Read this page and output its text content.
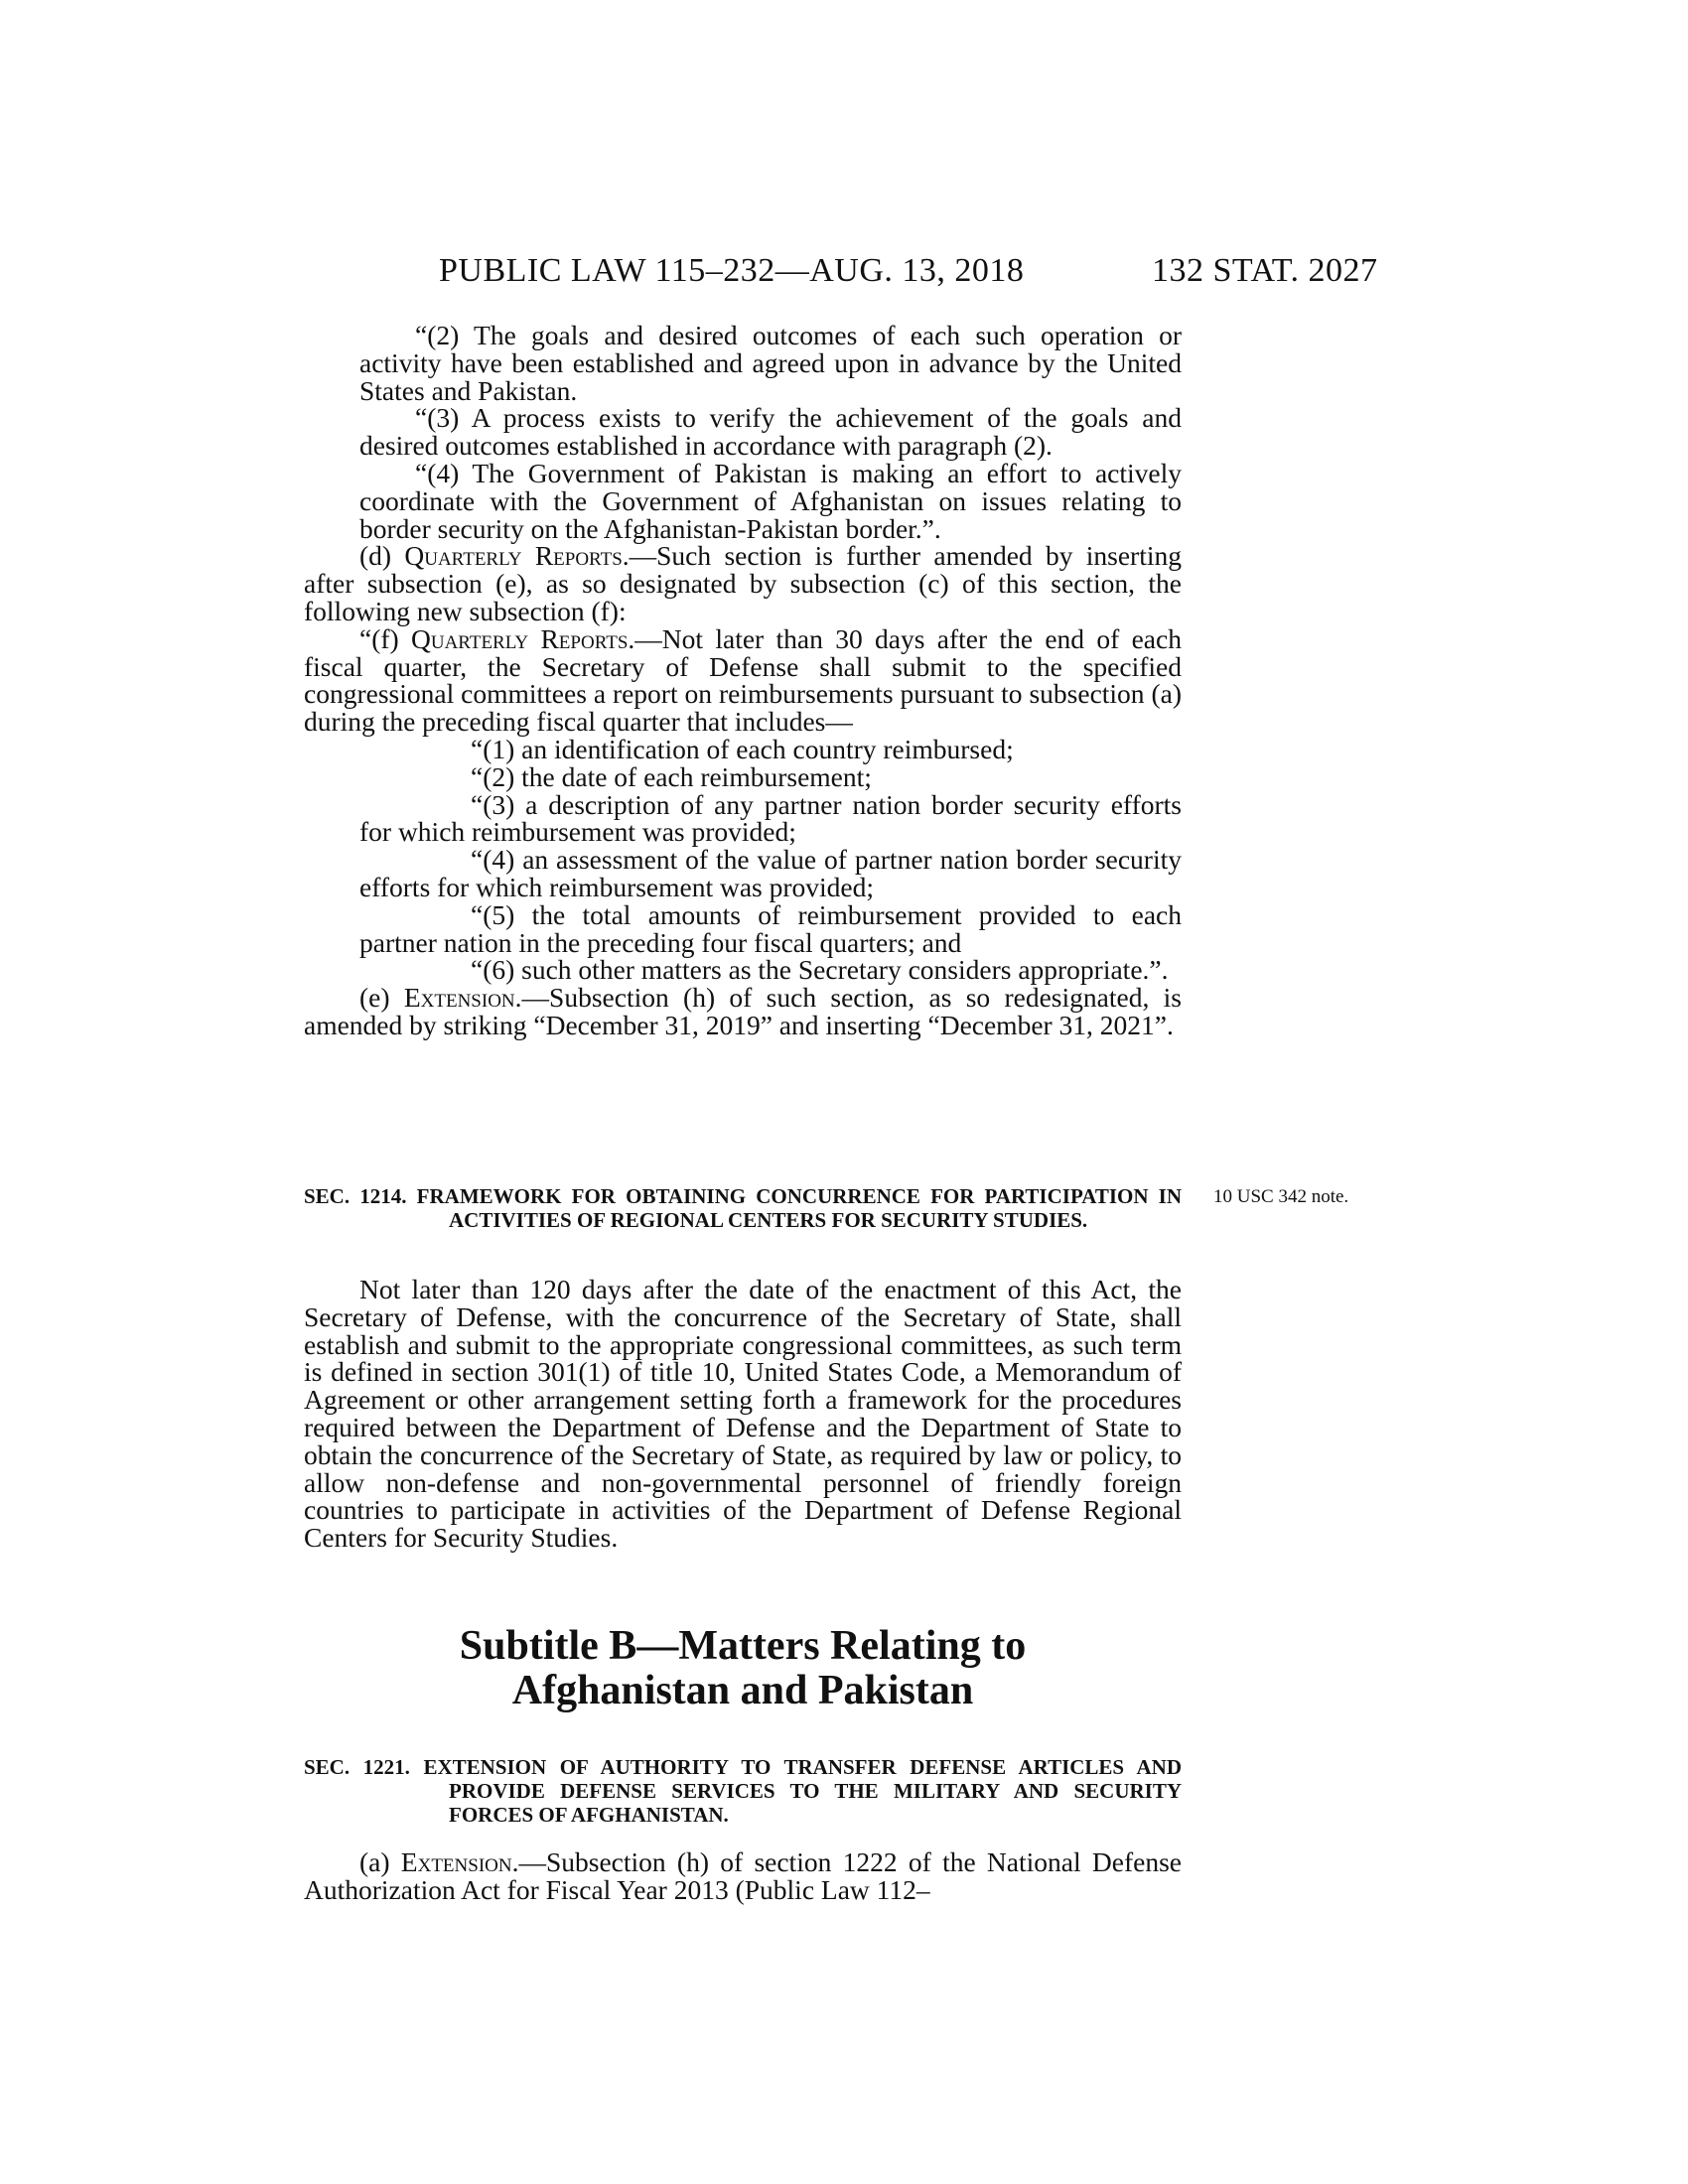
PUBLIC LAW 115–232—AUG. 13, 2018	132 STAT. 2027

“(2) The goals and desired outcomes of each such operation or activity have been established and agreed upon in advance by the United States and Pakistan.

“(3) A process exists to verify the achievement of the goals and desired outcomes established in accordance with paragraph (2).

“(4) The Government of Pakistan is making an effort to actively coordinate with the Government of Afghanistan on issues relating to border security on the Afghanistan-Pakistan border.”.

(d) Quarterly Reports.—Such section is further amended by inserting after subsection (e), as so designated by subsection (c) of this section, the following new subsection (f):

“(f) Quarterly Reports.—Not later than 30 days after the end of each fiscal quarter, the Secretary of Defense shall submit to the specified congressional committees a report on reimbursements pursuant to subsection (a) during the preceding fiscal quarter that includes—

“(1) an identification of each country reimbursed;

“(2) the date of each reimbursement;

“(3) a description of any partner nation border security efforts for which reimbursement was provided;

“(4) an assessment of the value of partner nation border security efforts for which reimbursement was provided;

“(5) the total amounts of reimbursement provided to each partner nation in the preceding four fiscal quarters; and

“(6) such other matters as the Secretary considers appropriate.”.

(e) Extension.—Subsection (h) of such section, as so redesignated, is amended by striking “December 31, 2019” and inserting “December 31, 2021”.

SEC. 1214. FRAMEWORK FOR OBTAINING CONCURRENCE FOR PARTICIPATION IN ACTIVITIES OF REGIONAL CENTERS FOR SECURITY STUDIES.
10 USC 342 note.

Not later than 120 days after the date of the enactment of this Act, the Secretary of Defense, with the concurrence of the Secretary of State, shall establish and submit to the appropriate congressional committees, as such term is defined in section 301(1) of title 10, United States Code, a Memorandum of Agreement or other arrangement setting forth a framework for the procedures required between the Department of Defense and the Department of State to obtain the concurrence of the Secretary of State, as required by law or policy, to allow non-defense and non-governmental personnel of friendly foreign countries to participate in activities of the Department of Defense Regional Centers for Security Studies.

Subtitle B—Matters Relating to
Afghanistan and Pakistan
SEC. 1221. EXTENSION OF AUTHORITY TO TRANSFER DEFENSE ARTICLES AND PROVIDE DEFENSE SERVICES TO THE MILITARY AND SECURITY FORCES OF AFGHANISTAN.

(a) Extension.—Subsection (h) of section 1222 of the National Defense Authorization Act for Fiscal Year 2013 (Public Law 112–
